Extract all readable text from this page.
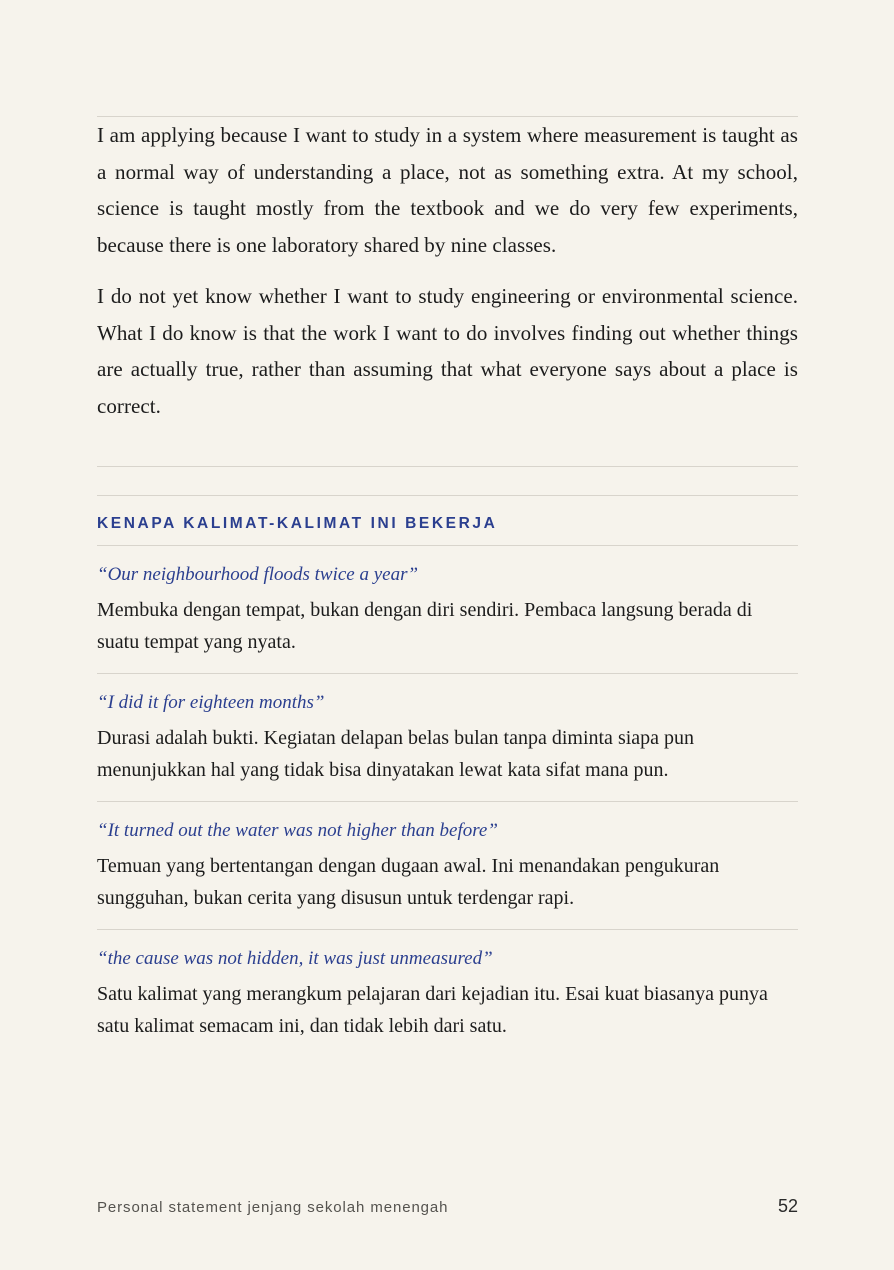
I am applying because I want to study in a system where measurement is taught as a normal way of understanding a place, not as something extra. At my school, science is taught mostly from the textbook and we do very few experiments, because there is one laboratory shared by nine classes.

I do not yet know whether I want to study engineering or environmental science. What I do know is that the work I want to do involves finding out whether things are actually true, rather than assuming that what everyone says about a place is correct.

KENAPA KALIMAT-KALIMAT INI BEKERJA

“Our neighbourhood floods twice a year”

Membuka dengan tempat, bukan dengan diri sendiri. Pembaca langsung berada di suatu tempat yang nyata.

“I did it for eighteen months”

Durasi adalah bukti. Kegiatan delapan belas bulan tanpa diminta siapa pun menunjukkan hal yang tidak bisa dinyatakan lewat kata sifat mana pun.

“It turned out the water was not higher than before”

Temuan yang bertentangan dengan dugaan awal. Ini menandakan pengukuran sungguhan, bukan cerita yang disusun untuk terdengar rapi.

“the cause was not hidden, it was just unmeasured”

Satu kalimat yang merangkum pelajaran dari kejadian itu. Esai kuat biasanya punya satu kalimat semacam ini, dan tidak lebih dari satu.

Personal statement jenjang sekolah menengah	52
